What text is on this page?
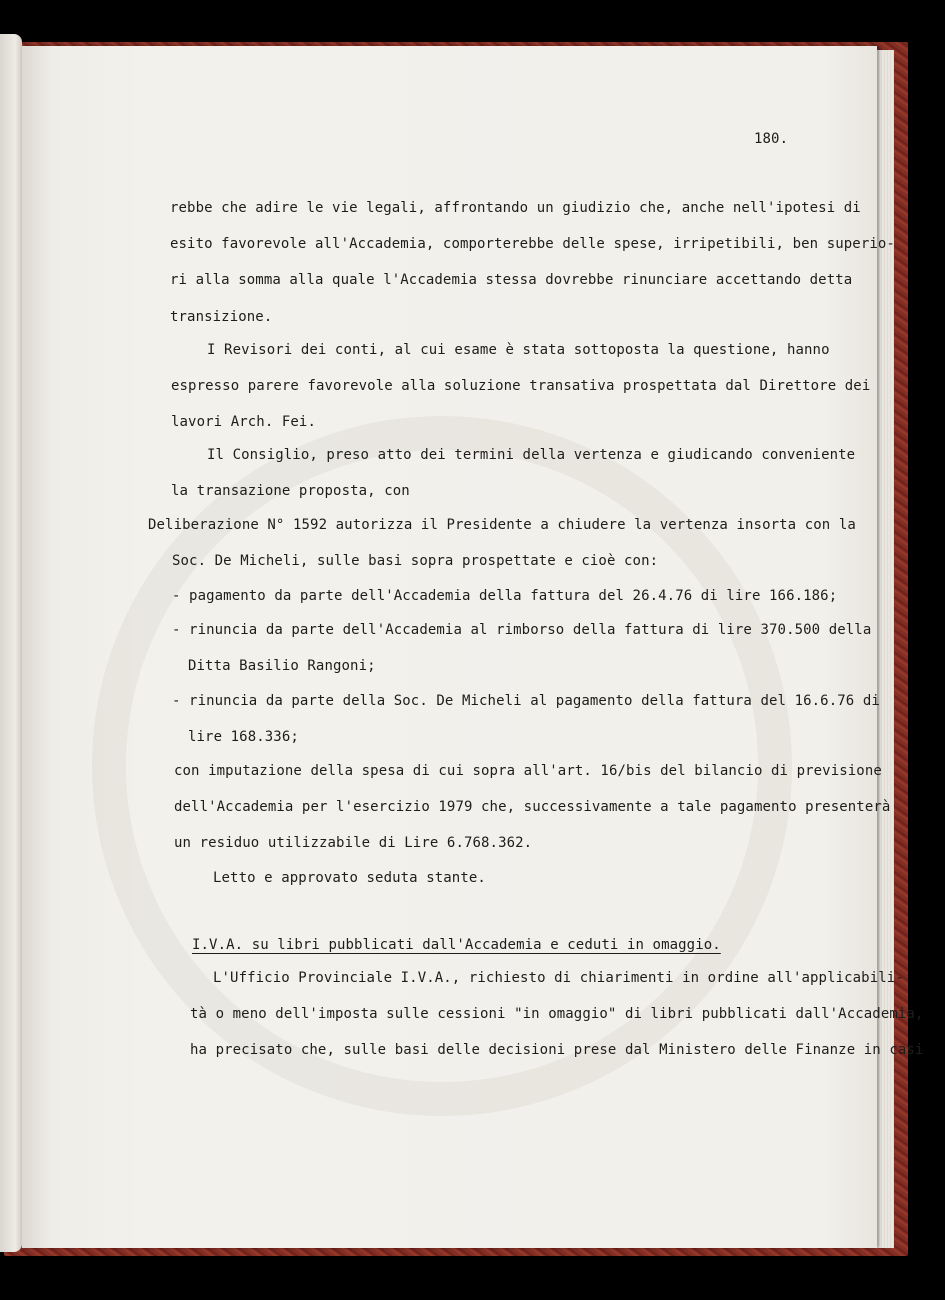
180.
rebbe che adire le vie legali, affrontando un giudizio che, anche nell'ipotesi di
esito favorevole all'Accademia, comporterebbe delle spese, irripetibili, ben superio-
ri alla somma alla quale l'Accademia stessa dovrebbe rinunciare accettando detta
transizione.
I Revisori dei conti, al cui esame è stata sottoposta la questione, hanno
espresso parere favorevole alla soluzione transativa prospettata dal Direttore dei
lavori Arch. Fei.
Il Consiglio, preso atto dei termini della vertenza e giudicando conveniente
la transazione proposta, con
Deliberazione N° 1592 autorizza il Presidente a chiudere la vertenza insorta con la
Soc. De Micheli, sulle basi sopra prospettate e cioè con:
- pagamento da parte dell'Accademia della fattura del 26.4.76 di lire 166.186;
- rinuncia da parte dell'Accademia al rimborso della fattura di lire 370.500 della
Ditta Basilio Rangoni;
- rinuncia da parte della Soc. De Micheli al pagamento della fattura del 16.6.76 di
lire 168.336;
con imputazione della spesa di cui sopra all'art. 16/bis del bilancio di previsione
dell'Accademia per l'esercizio 1979 che, successivamente a tale pagamento presenterà
un residuo utilizzabile di Lire 6.768.362.
Letto e approvato seduta stante.
I.V.A. su libri pubblicati dall'Accademia e ceduti in omaggio.
L'Ufficio Provinciale I.V.A., richiesto di chiarimenti in ordine all'applicabili-
tà o meno dell'imposta sulle cessioni "in omaggio" di libri pubblicati dall'Accademia,
ha precisato che, sulle basi delle decisioni prese dal Ministero delle Finanze in casi
